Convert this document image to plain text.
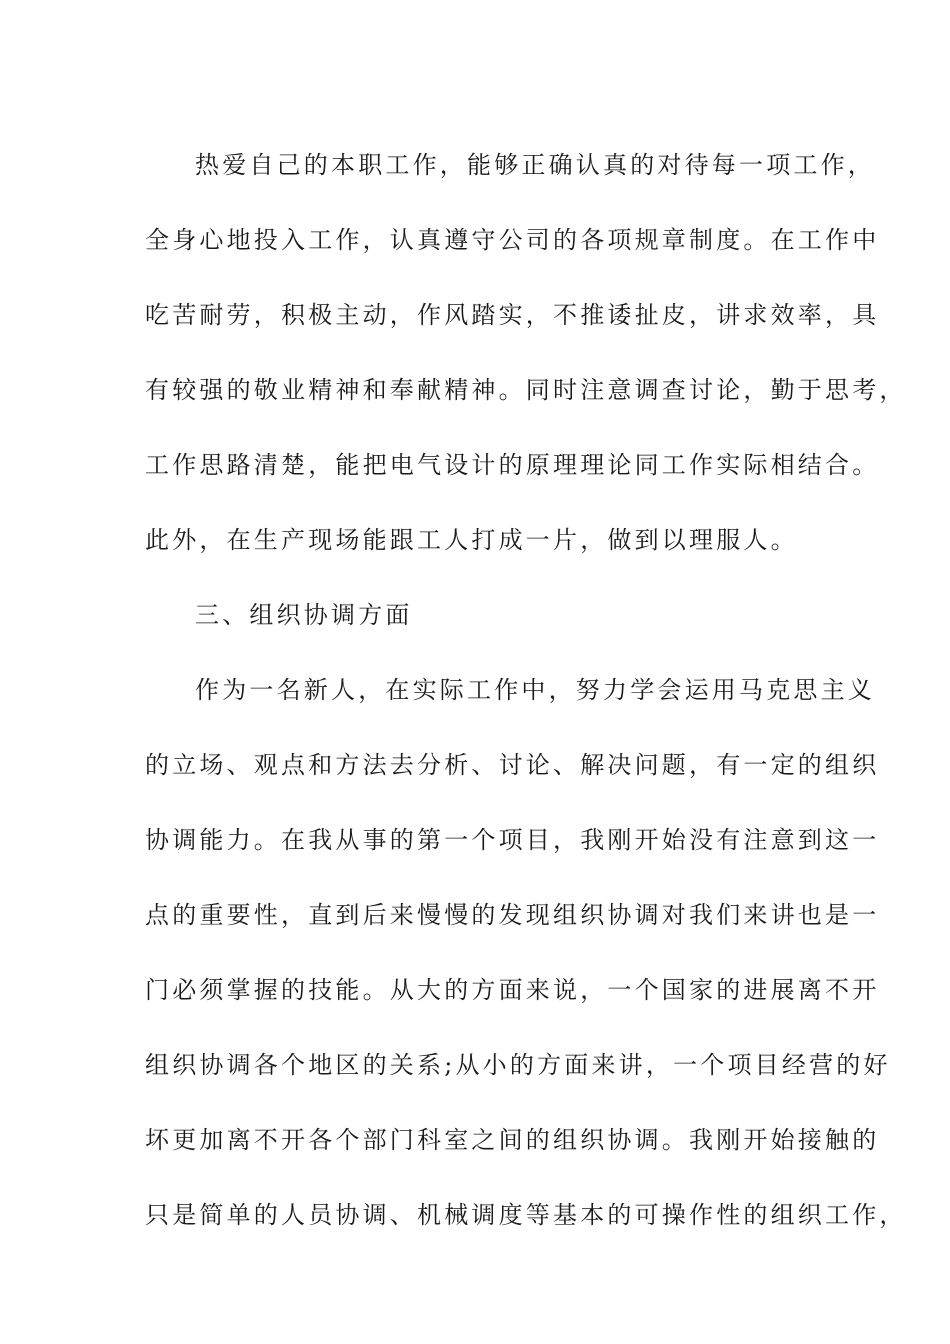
热爱自己的本职工作，能够正确认真的对待每一项工作，
全身心地投入工作，认真遵守公司的各项规章制度。在工作中
吃苦耐劳，积极主动，作风踏实，不推诿扯皮，讲求效率，具
有较强的敬业精神和奉献精神。同时注意调查讨论，勤于思考，
工作思路清楚，能把电气设计的原理理论同工作实际相结合。
此外，在生产现场能跟工人打成一片，做到以理服人。
三、组织协调方面
作为一名新人，在实际工作中，努力学会运用马克思主义
的立场、观点和方法去分析、讨论、解决问题，有一定的组织
协调能力。在我从事的第一个项目，我刚开始没有注意到这一
点的重要性，直到后来慢慢的发现组织协调对我们来讲也是一
门必须掌握的技能。从大的方面来说，一个国家的进展离不开
组织协调各个地区的关系;从小的方面来讲，一个项目经营的好
坏更加离不开各个部门科室之间的组织协调。我刚开始接触的
只是简单的人员协调、机械调度等基本的可操作性的组织工作，
